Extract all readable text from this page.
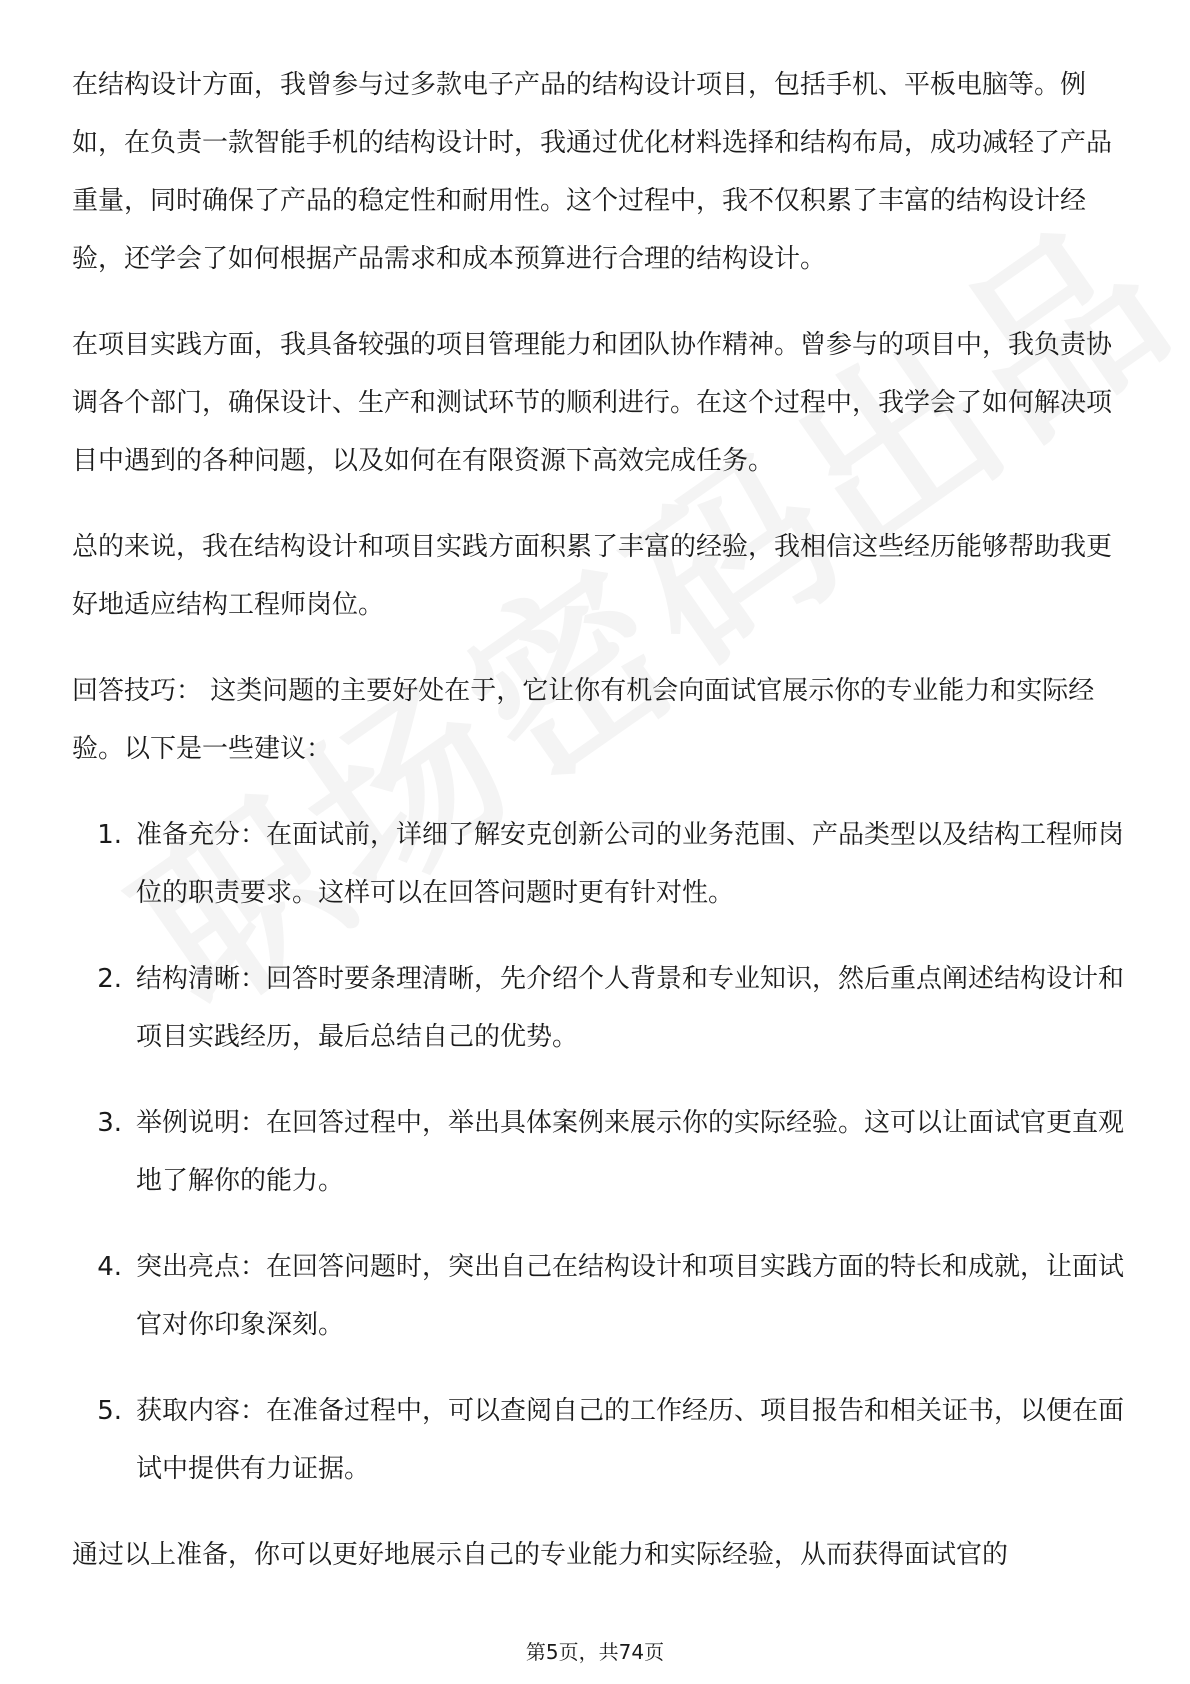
在结构设计方面，我曾参与过多款电子产品的结构设计项目，包括手机、平板电脑等。例如，在负责一款智能手机的结构设计时，我通过优化材料选择和结构布局，成功减轻了产品重量，同时确保了产品的稳定性和耐用性。这个过程中，我不仅积累了丰富的结构设计经验，还学会了如何根据产品需求和成本预算进行合理的结构设计。

在项目实践方面，我具备较强的项目管理能力和团队协作精神。曾参与的项目中，我负责协调各个部门，确保设计、生产和测试环节的顺利进行。在这个过程中，我学会了如何解决项目中遇到的各种问题，以及如何在有限资源下高效完成任务。

总的来说，我在结构设计和项目实践方面积累了丰富的经验，我相信这些经历能够帮助我更好地适应结构工程师岗位。

回答技巧： 这类问题的主要好处在于，它让你有机会向面试官展示你的专业能力和实际经验。以下是一些建议：

1. 准备充分：在面试前，详细了解安克创新公司的业务范围、产品类型以及结构工程师岗位的职责要求。这样可以在回答问题时更有针对性。
2. 结构清晰：回答时要条理清晰，先介绍个人背景和专业知识，然后重点阐述结构设计和项目实践经历，最后总结自己的优势。
3. 举例说明：在回答过程中，举出具体案例来展示你的实际经验。这可以让面试官更直观地了解你的能力。
4. 突出亮点：在回答问题时，突出自己在结构设计和项目实践方面的特长和成就，让面试官对你印象深刻。
5. 获取内容：在准备过程中，可以查阅自己的工作经历、项目报告和相关证书，以便在面试中提供有力证据。

通过以上准备，你可以更好地展示自己的专业能力和实际经验，从而获得面试官的

第5页，共74页
